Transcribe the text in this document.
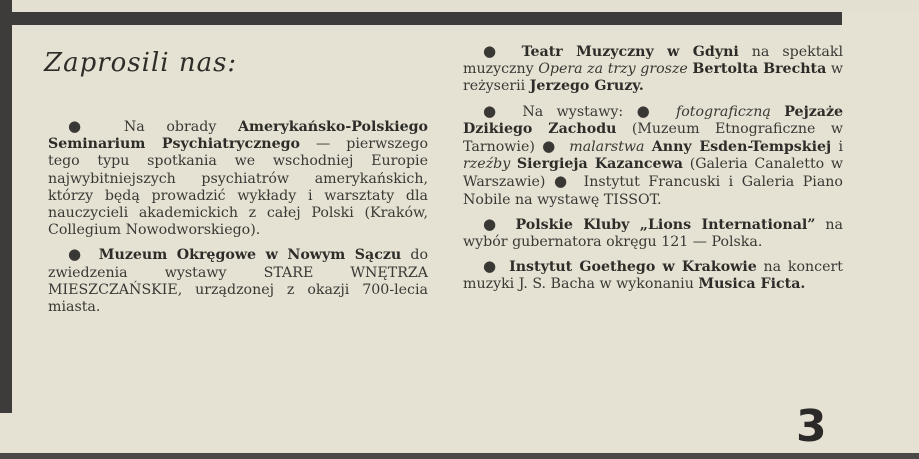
Zaprosili nas:

● Na obrady Amerykańsko-Polskiego Seminarium Psychiatrycznego — pierwszego tego typu spotkania we wschodniej Europie najwybitniejszych psychiatrów amerykańskich, którzy będą prowadzić wykłady i warsztaty dla nauczycieli akademickich z całej Polski (Kraków, Collegium Nowodworskiego).

● Muzeum Okręgowe w Nowym Sączu do zwiedzenia wystawy STARE WNĘTRZA MIESZCZAŃSKIE, urządzonej z okazji 700-lecia miasta.

● Teatr Muzyczny w Gdyni na spektakl muzyczny Opera za trzy grosze Bertolta Brechta w reżyserii Jerzego Gruzy.

● Na wystawy: ● fotograficzną Pejzaże Dzikiego Zachodu (Muzeum Etnograficzne w Tarnowie) ● malarstwa Anny Esden-Tempskiej i rzeźby Siergieja Kazancewa (Galeria Canaletto w Warszawie) ● Instytut Francuski i Galeria Piano Nobile na wystawę TISSOT.

● Polskie Kluby „Lions International” na wybór gubernatora okręgu 121 — Polska.

● Instytut Goethego w Krakowie na koncert muzyki J. S. Bacha w wykonaniu Musica Ficta.

3
